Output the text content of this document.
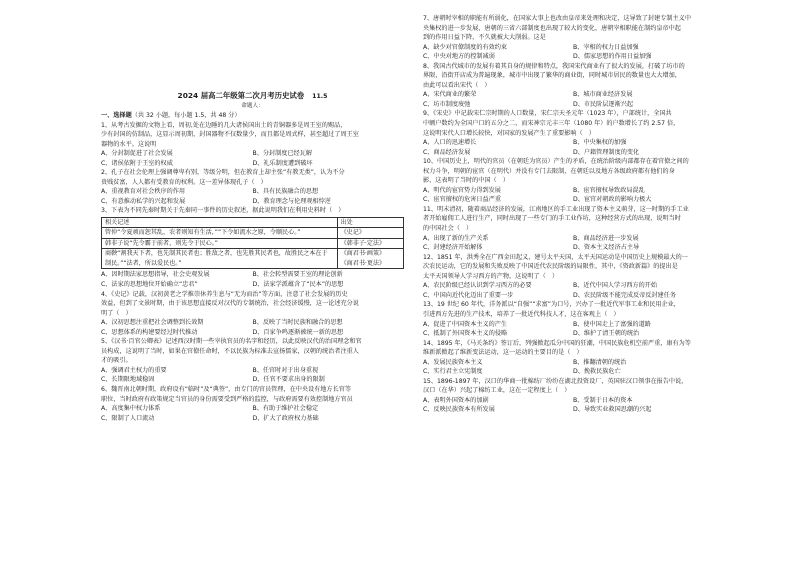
2024 届高二年级第二次月考历史试卷 11.5
命题人：
一、选择题（共 32 小题，每小题 1.5，共 48 分）
1、从考古发掘的文物上看，周初,处在边陲的几大诸侯国出土的青铜器多是周王室的赐品，
少有封国的仿制品，这显示周初期，封国器物不仅数量少，而且都是周式样，甚至超过了周王室
器物的水平。这说明
A、分封制促进了社会发展	B、分封制度已经瓦解
C、诸侯依附于王室的权威	D、礼乐制度遭到破坏
2、孔子在社会伦理上强调尊卑有别，等级分明，但在教育上却主张“有教无类”，认为不分
贵贱贫富，人人都有受教育的权利。这一差异体现孔子（　）
A、重视教育对社会秩序的作用	B、具有民族融合的思想
C、有意推动私学的兴起和发展	D、教育理念与伦理观相悖逆
3、下表为不同先秦时期关于先秦同一事件的历史叙述，据此说明我们在利用史料时（　）
相关记述	出处
管仲“令夏顽而恕其乱，农者则知有生活，”“下令如流水之原，令顺民心。”	《史记》
韩非子说“先令霸于前者，则先令于民心。”	《韩非子·定法》
商鞅“割我天下者，也先制其民者也；胜敌之者，也先胜其民者也，故胜民之本在于制民。”“法者，所以爱民也。”	《商君书·画策》
《商君书·更法》
A、因时期法家思想指导，社会史观发展	B、社会转型需要王室的理论创新
C、法家的思想地位开始确立“忠君”	D、法家学派蕴含了“民本”的思想
4、《史记》记载，汉初黄老之学推崇休养生息与“无为而治”等方面，注意了社会发展的历史
效益，但到了文景时期，由于该思想直接反对汉代的专制统治，社会经济缓慢，这一论述充分说
明了（　）
A、汉初思想注重把社会调整到长效期	B、反映了当时民族和融合的思想
C、思想体系的构建要经过时代推动	D、百家争鸣逐渐被统一新的思想
5、《汉书·百官公卿表》记述西汉时期一些宰执官员的名字和经历，以此反映汉代的治国理念和官
员构成，这说明了当时，如果在官僚任命时，不以民族为标准去宣扬儒家，汉朝的统治者注重人
才的吸引。
A、强调君主权力的重要	B、任官时对于出身重视
C、长期限地域稳固	D、任官不要求出身的限制
6、魏晋南北朝时期，政府设有“临时”及“典签”，由专门的官员管理，在中央设有地方长官等
职位，当时政府有政策规定当官员的身份需要受到严格的监控，与政府需要有效控制地方官员
A、高度集中权力体系	B、有助于维护社会稳定
C、限制了人口流动	D、扩大了政府权力基础
7、唐朝时宰相的职能有所弱化，在国家大事上也改由皇帝来处理和决定，这导致了封建专制主义中
央集权的进一步发展，唐朝的三省六部制度也出现了较大的变化，唐朝宰相职能在制约皇帝中起
到的作用日益下降，不久就被大大削弱。这是
A、缺少对官僚制度的有效约束	B、宰相的权力日益加强
C、中央对地方的控制减弱	D、儒家思想的作用日益加强
8、我国古代城市的发展有着其自身的规律和特点，我国宋代商业有了很大的发展，打破了坊市的
界限，沿街开店成为普遍现象，城市中出现了繁华的商业街，同时城市居民的数量也大大增加，
由此可以看出宋代（　）
A、宋代商业的繁荣	B、城市商业经济发展
C、坊市制度废弛	D、市民阶层逐渐兴起
9、《宋史》中记载宋仁宗时期的人口数量，宋仁宗天圣元年（1023 年），户部统计，全国共
中额户数约为全国户口的五分之二，而宋神宗元丰三年（1080 年）的户数增长了约 2.57 倍，
这说明宋代人口增长较快，对国家的发展产生了重要影响（　）
A、人口的迅速增长	B、中央集权的加强
C、商品经济发展	D、户籍管理制度的变化
10、中国历史上，明代的官员（在朝廷为官员）产生的矛盾，在统治阶级内部都存在着官僚之间的
权力斗争，明朝的宦官（在明代）并没有专门去限制，在朝廷以及地方各级政府都有他们的身
影，这表明了当时的中国（　）
A、明代的宦官势力得到发展	B、宦官擅权导致政局混乱
C、宦官擅权的危害日益严重	D、宦官对朝政的影响力极大
11、明末清初，随着商品经济的发展，江南地区的手工业出现了资本主义萌芽，这一时期的手工业
者开始雇佣工人进行生产，同时出现了一些专门的手工业作坊，这种经营方式的出现，说明当时
的中国社会（　）
A、出现了新的生产关系	B、商品经济进一步发展
C、封建经济开始解体	D、资本主义经济占主导
12、1851 年，洪秀全在广西金田起义，建号太平天国，太平天国运动是中国历史上规模最大的一
次农民运动，它的发展和失败反映了中国近代农民阶级的局限性，其中，《资政新篇》的提出是
太平天国领导人学习西方的产物，这说明了（　）
A、农民阶级已经认识到学习西方的必要	B、近代中国人学习西方的开始
C、中国向近代化迈出了重要一步	D、农民阶级不能完成反帝反封建任务
13、19 世纪 60 年代，洋务派以“自强”“求富”为口号，兴办了一批近代军事工业和民用企业，
引进西方先进的生产技术，培养了一批近代科技人才，这在客观上（　）
A、促进了中国资本主义的产生	B、使中国走上了富强的道路
C、抵制了外国资本主义的侵略	D、维护了清王朝的统治
14、1895 年，《马关条约》签订后，列强掀起瓜分中国的狂潮，中国民族危机空前严重，康有为等
维新派掀起了维新变法运动，这一运动的主要目的是（　）
A、发展民族资本主义	B、推翻清朝的统治
C、实行君主立宪制度	D、挽救民族危亡
15、1896-1897 年，汉口的华商一批棉纺厂纷纷在湖北投资设厂，英国驻汉口领事在报告中说，
汉口（在华）兴起了棉纺工业，这在一定程度上（　）
A、表明外国资本的加剧	B、受制于日本的资本
C、反映民族资本有所发展	D、导致实业救国思潮的兴起
